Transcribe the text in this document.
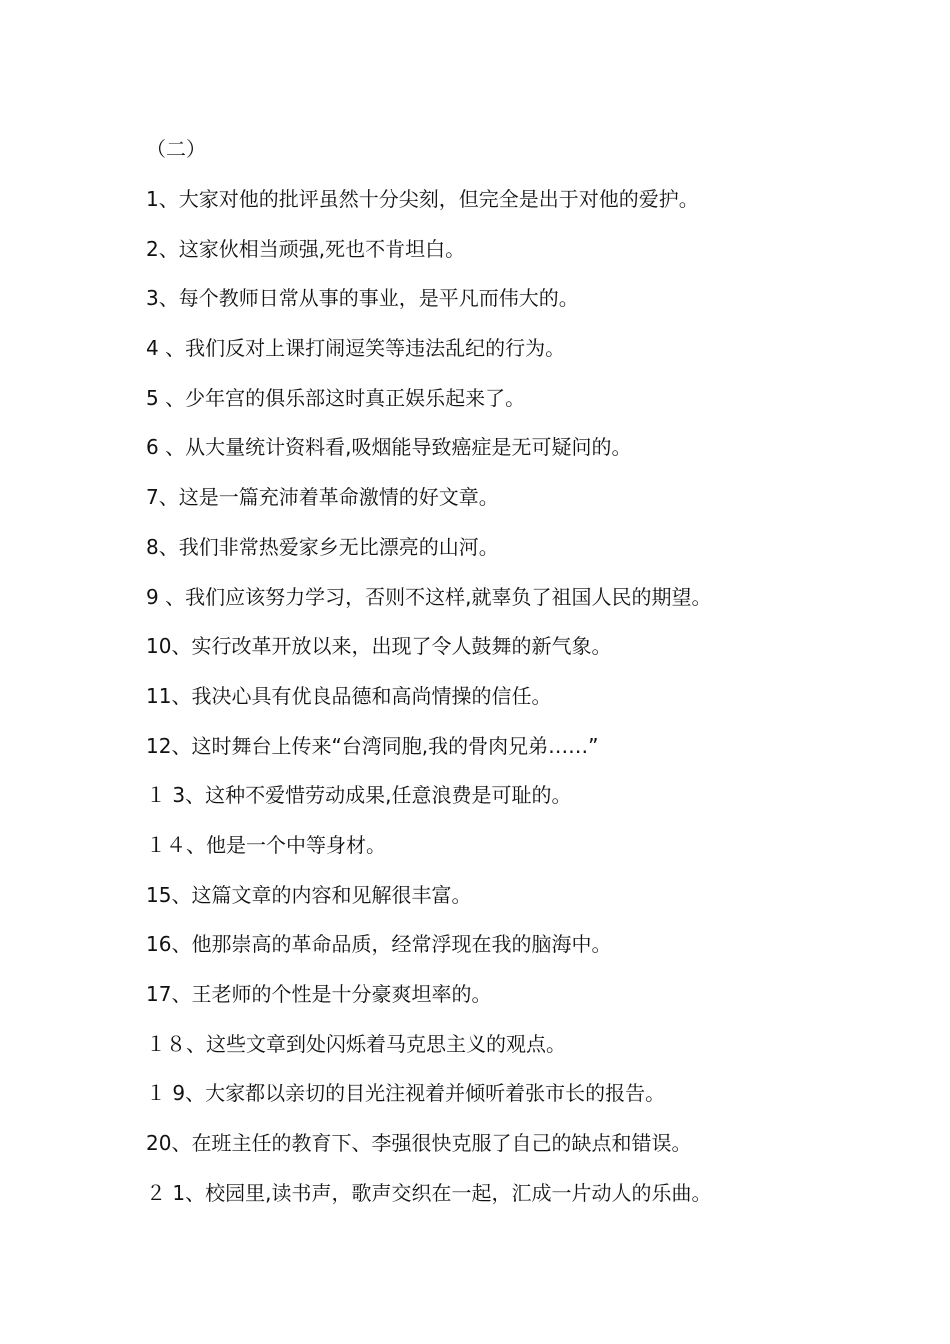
（二）
1、大家对他的批评虽然十分尖刻，但完全是出于对他的爱护。
2、这家伙相当顽强,死也不肯坦白。
3、每个教师日常从事的事业，是平凡而伟大的。
4 、我们反对上课打闹逗笑等违法乱纪的行为。
5 、少年宫的俱乐部这时真正娱乐起来了。
6 、从大量统计资料看,吸烟能导致癌症是无可疑问的。
7、这是一篇充沛着革命激情的好文章。
8、我们非常热爱家乡无比漂亮的山河。
9 、我们应该努力学习，否则不这样,就辜负了祖国人民的期望。
10、实行改革开放以来，出现了令人鼓舞的新气象。
11、我决心具有优良品德和高尚情操的信任。
12、这时舞台上传来“台湾同胞,我的骨肉兄弟……”
１ 3、这种不爱惜劳动成果,任意浪费是可耻的。
１４、他是一个中等身材。
15、这篇文章的内容和见解很丰富。
16、他那崇高的革命品质，经常浮现在我的脑海中。
17、王老师的个性是十分豪爽坦率的。
１８、这些文章到处闪烁着马克思主义的观点。
１ 9、大家都以亲切的目光注视着并倾听着张市长的报告。
20、在班主任的教育下、李强很快克服了自己的缺点和错误。
２ 1、校园里,读书声，歌声交织在一起，汇成一片动人的乐曲。
